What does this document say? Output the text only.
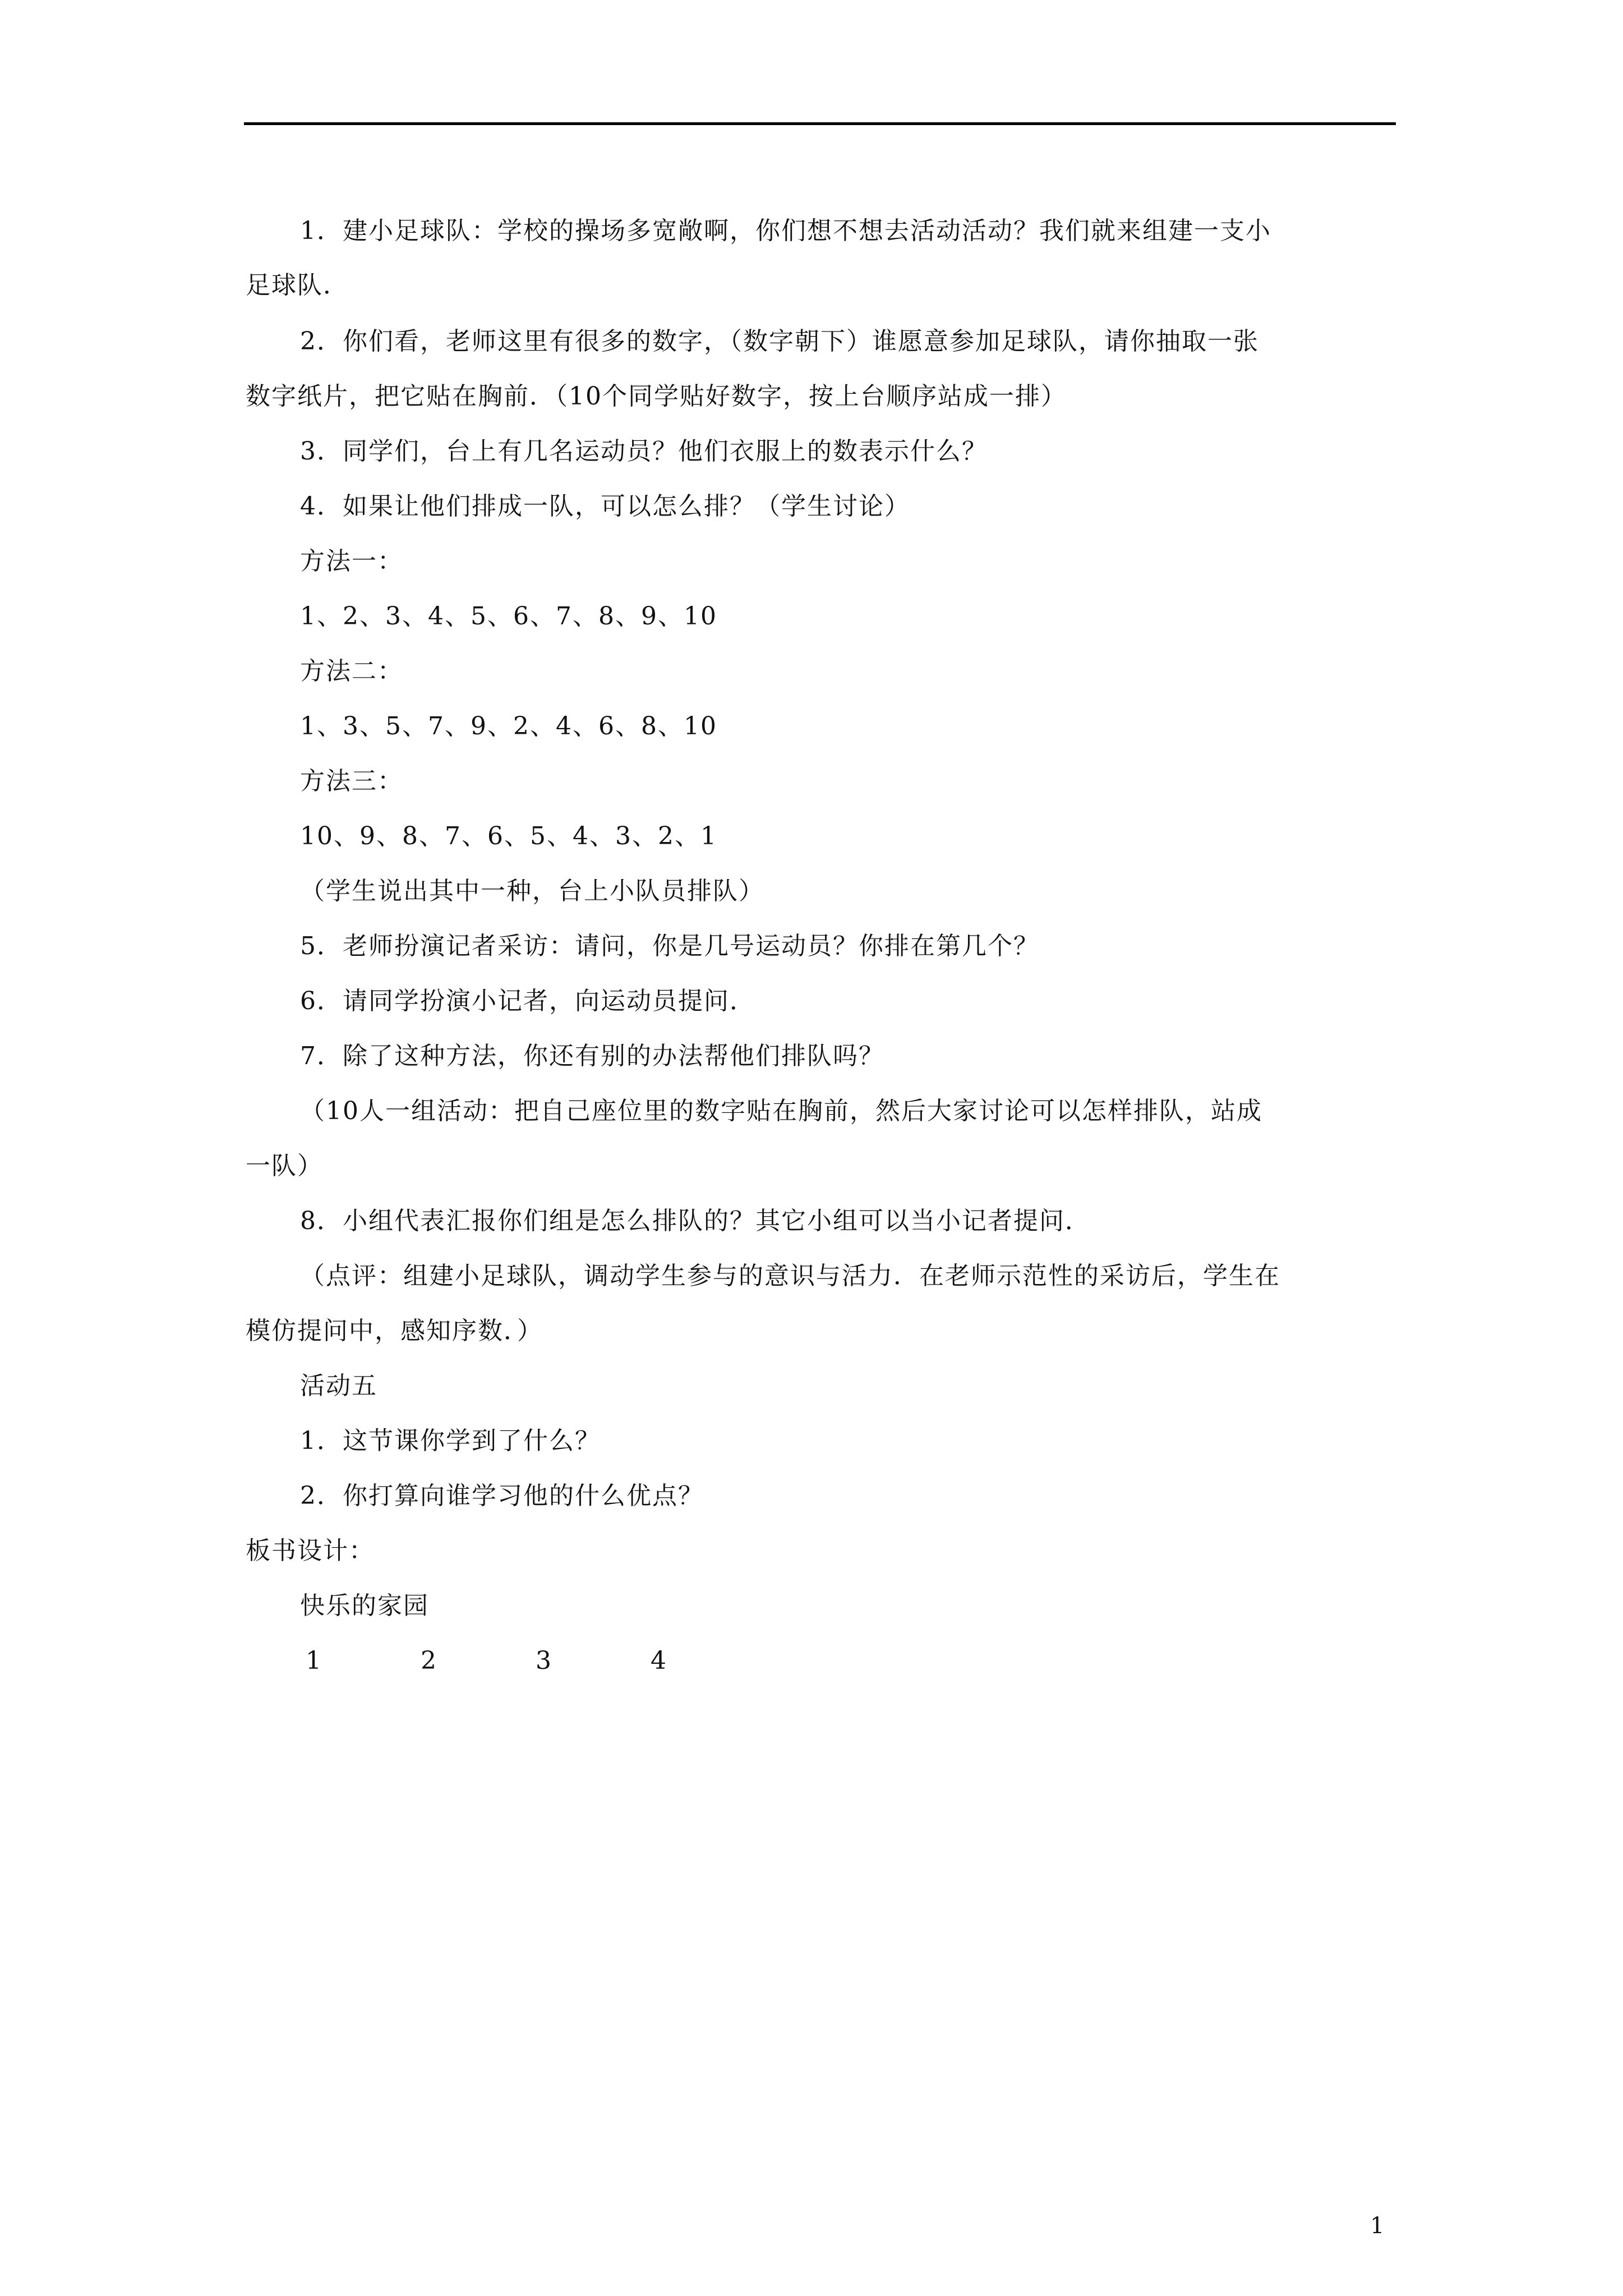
1．建小足球队：学校的操场多宽敞啊，你们想不想去活动活动？我们就来组建一支小
足球队．
2．你们看，老师这里有很多的数字，（数字朝下）谁愿意参加足球队，请你抽取一张
数字纸片，把它贴在胸前．（10个同学贴好数字，按上台顺序站成一排）
3．同学们，台上有几名运动员？他们衣服上的数表示什么？
4．如果让他们排成一队，可以怎么排？（学生讨论）
方法一：
1、2、3、4、5、6、7、8、9、10
方法二：
1、3、5、7、9、2、4、6、8、10
方法三：
10、9、8、7、6、5、4、3、2、1
（学生说出其中一种，台上小队员排队）
5．老师扮演记者采访：请问，你是几号运动员？你排在第几个？
6．请同学扮演小记者，向运动员提问．
7．除了这种方法，你还有别的办法帮他们排队吗？
（10人一组活动：把自己座位里的数字贴在胸前，然后大家讨论可以怎样排队，站成
一队）
8．小组代表汇报你们组是怎么排队的？其它小组可以当小记者提问．
（点评：组建小足球队，调动学生参与的意识与活力．在老师示范性的采访后，学生在
模仿提问中，感知序数．）
活动五
1．这节课你学到了什么？
2．你打算向谁学习他的什么优点？
板书设计：
快乐的家园
1	2	3	4
1
